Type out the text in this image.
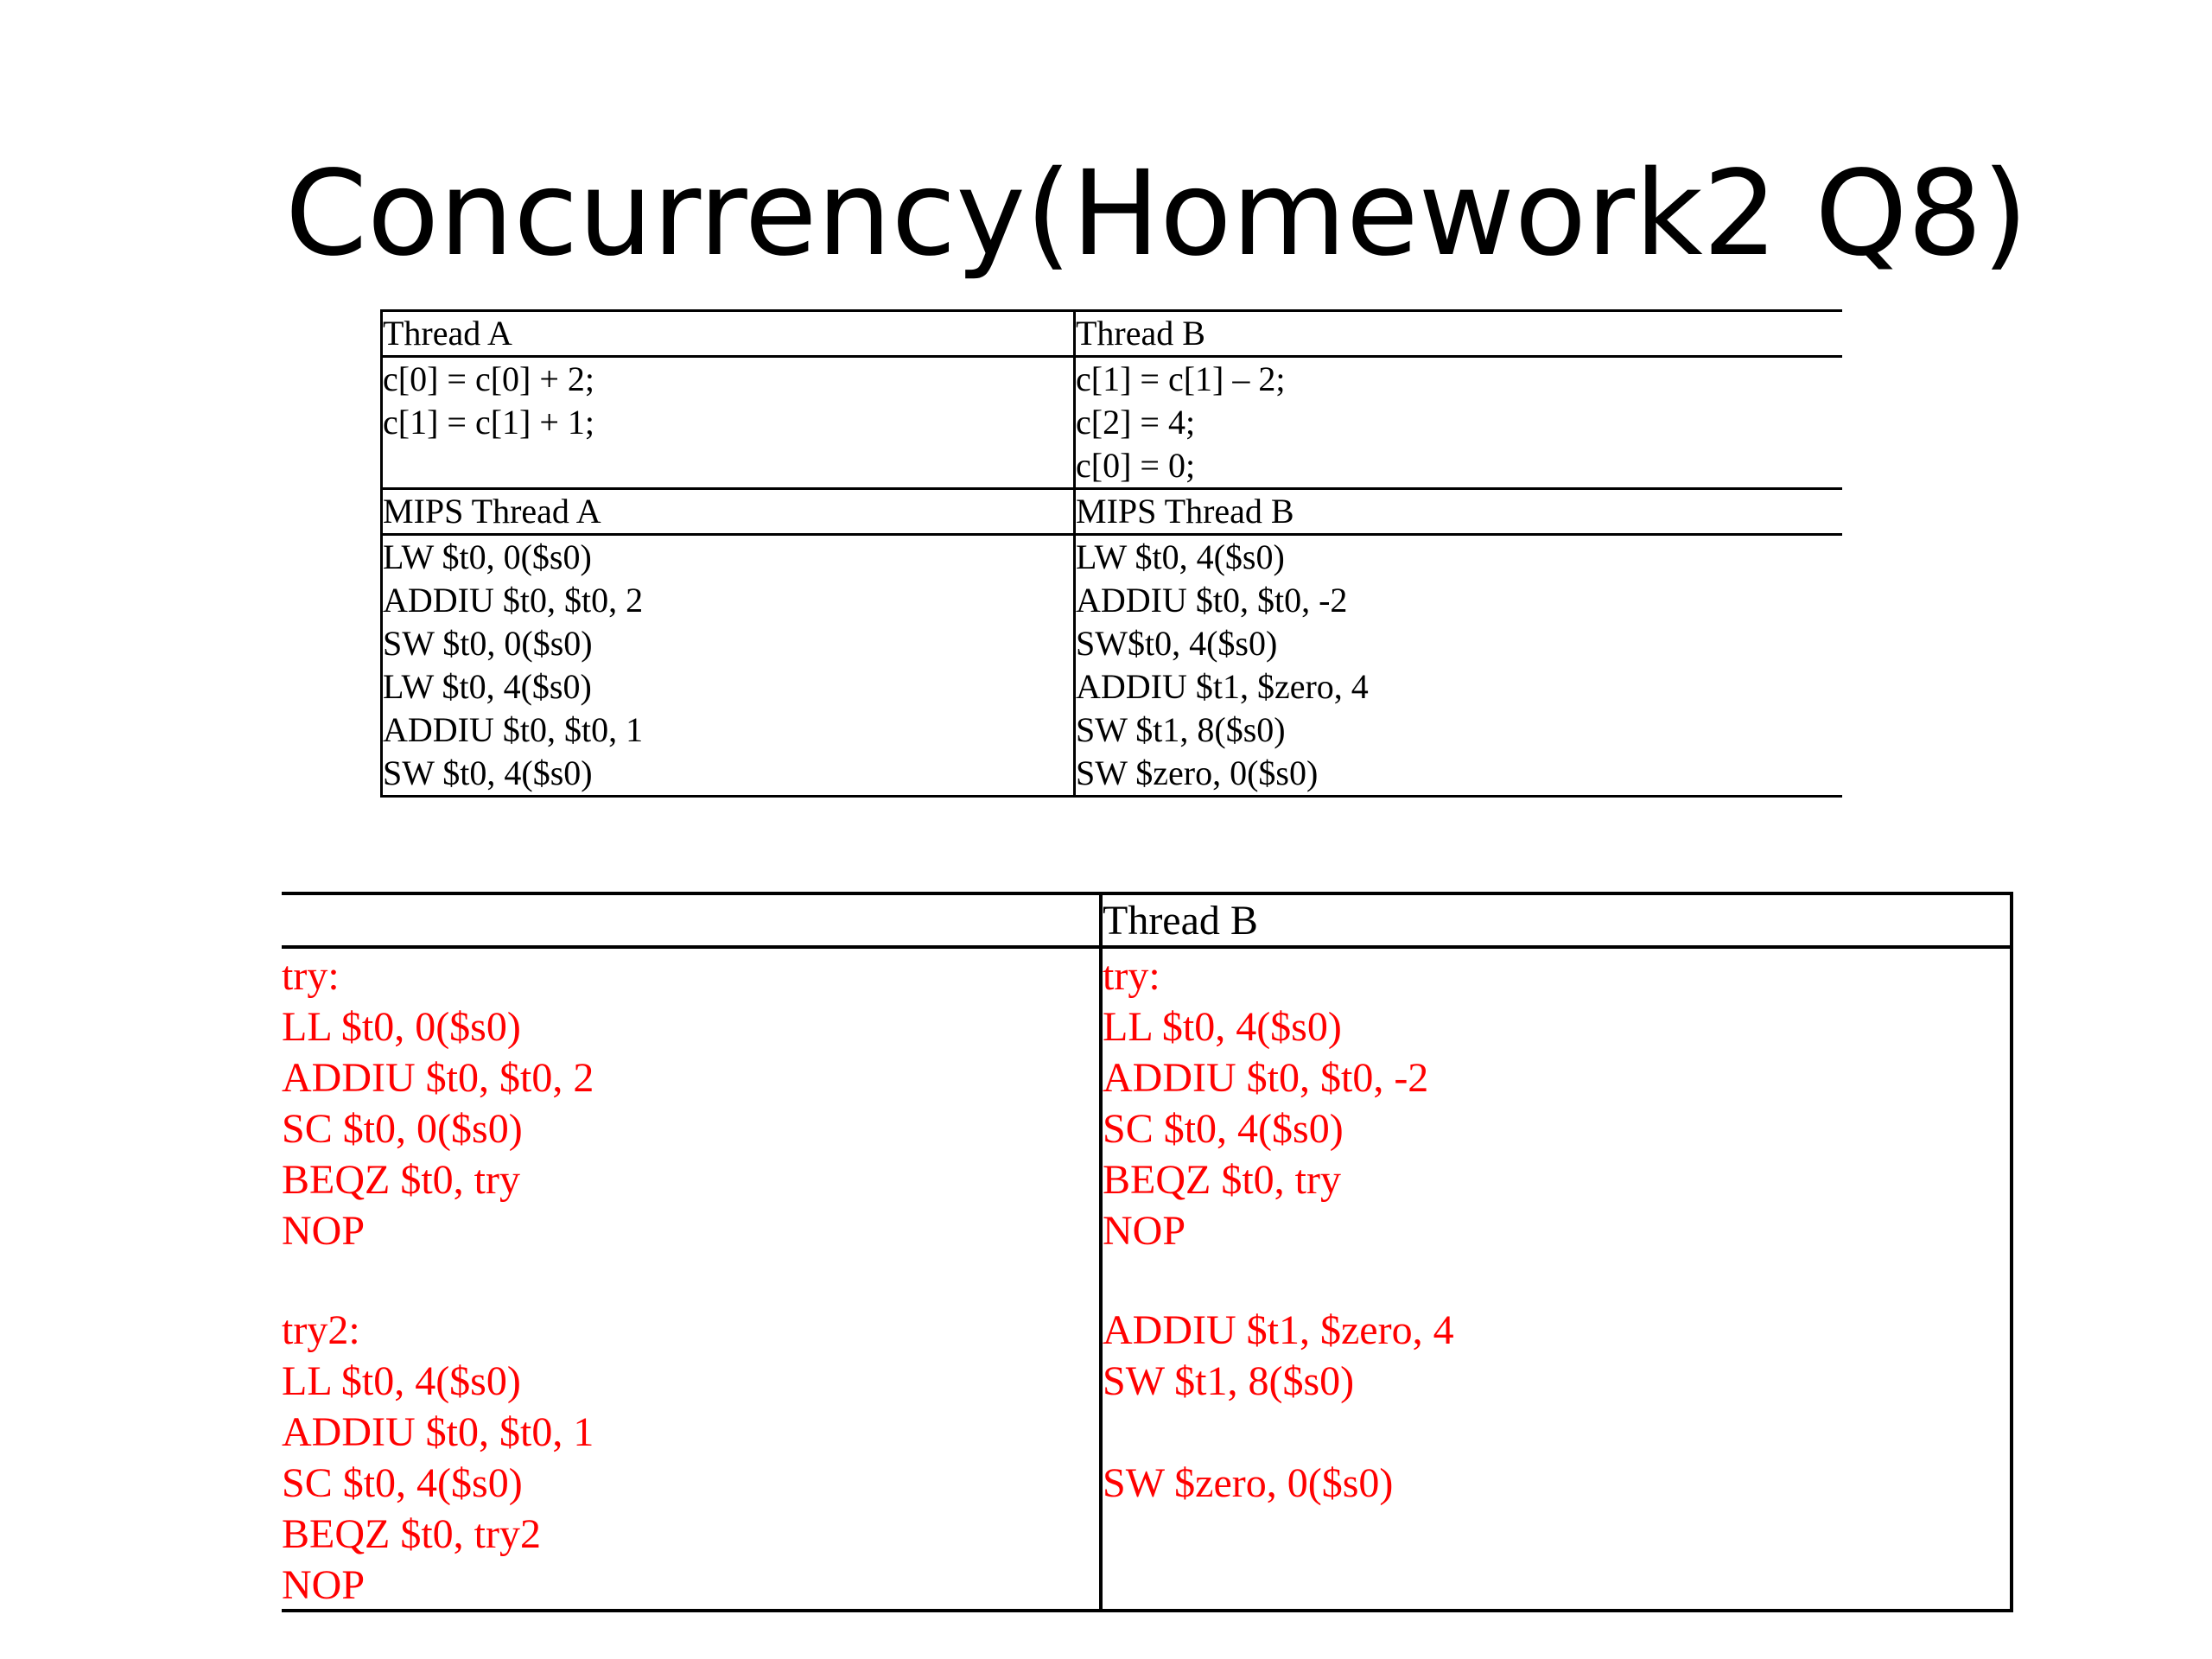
Concurrency(Homework2 Q8)
Thread A	Thread B
c[0] = c[0] + 2;
c[1] = c[1] + 1;
c[1] = c[1] – 2;
c[2] = 4;
c[0] = 0;
MIPS Thread A	MIPS Thread B
LW $t0, 0($s0)
ADDIU $t0, $t0, 2
SW $t0, 0($s0)
LW $t0, 4($s0)
ADDIU $t0, $t0, 1
SW $t0, 4($s0)
LW $t0, 4($s0)
ADDIU $t0, $t0, -2
SW$t0, 4($s0)
ADDIU $t1, $zero, 4
SW $t1, 8($s0)
SW $zero, 0($s0)
Thread B
try:
LL $t0, 0($s0)
ADDIU $t0, $t0, 2
SC $t0, 0($s0)
BEQZ $t0, try
NOP
try2:
LL $t0, 4($s0)
ADDIU $t0, $t0, 1
SC $t0, 4($s0)
BEQZ $t0, try2
NOP
try:
LL $t0, 4($s0)
ADDIU $t0, $t0, -2
SC $t0, 4($s0)
BEQZ $t0, try
NOP
ADDIU $t1, $zero, 4
SW $t1, 8($s0)
SW $zero, 0($s0)
